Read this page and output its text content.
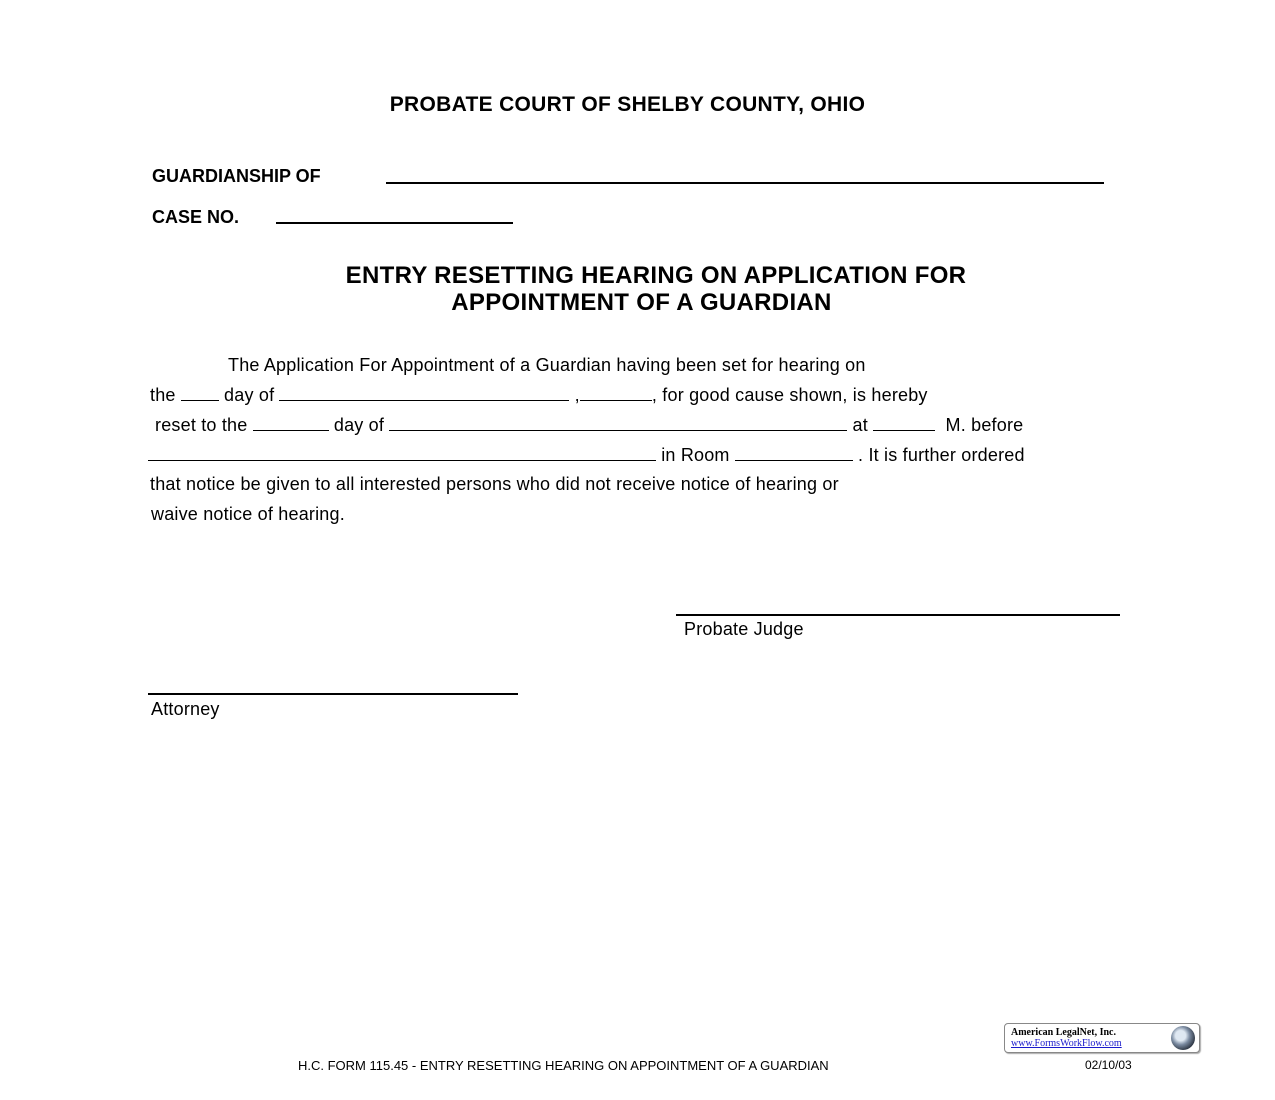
PROBATE COURT OF SHELBY COUNTY, OHIO
GUARDIANSHIP OF
CASE NO.
ENTRY RESETTING HEARING ON APPLICATION FOR
APPOINTMENT OF A GUARDIAN
The Application For Appointment of a Guardian having been set for hearing on
the	day of	,	, for good cause shown, is hereby
reset to the	day of	at	M. before
in Room	. It is further ordered
that notice be given to all interested persons who did not receive notice of hearing or
waive notice of hearing.
Probate Judge
Attorney
American LegalNet, Inc.
www.FormsWorkFlow.com
H.C. FORM 115.45 - ENTRY RESETTING HEARING ON APPOINTMENT OF A GUARDIAN	02/10/03
